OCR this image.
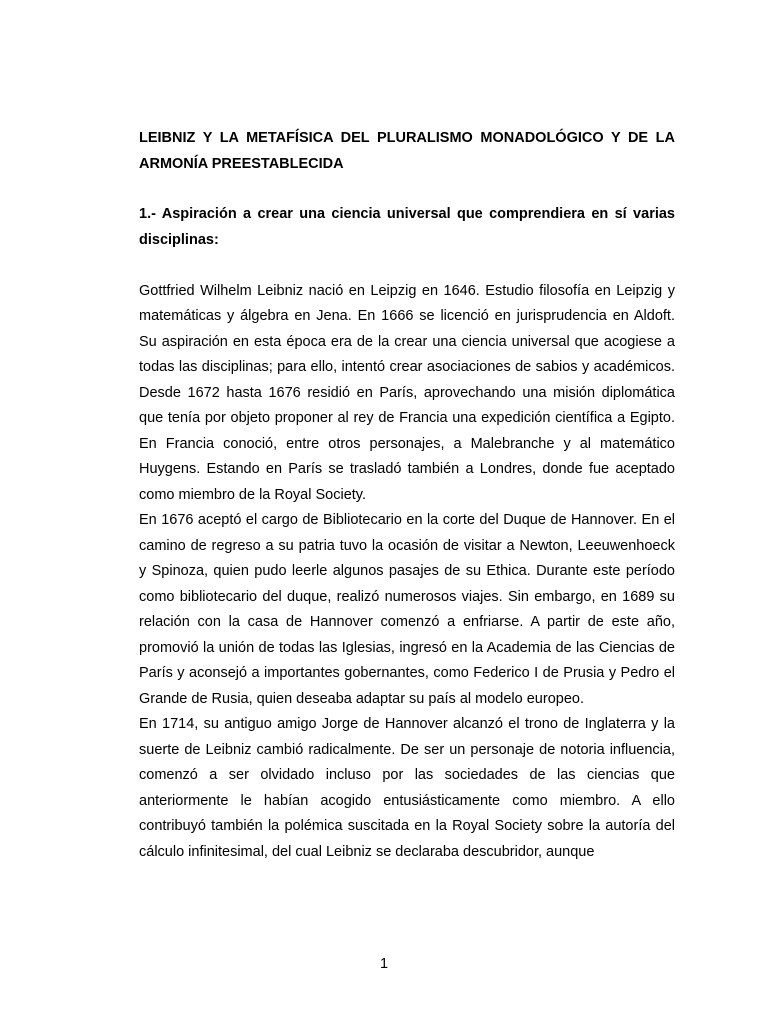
LEIBNIZ Y LA METAFÍSICA DEL PLURALISMO MONADOLÓGICO Y DE LA ARMONÍA PREESTABLECIDA
1.- Aspiración a crear una ciencia universal que comprendiera en sí varias disciplinas:

Gottfried Wilhelm Leibniz nació en Leipzig en 1646. Estudio filosofía en Leipzig y matemáticas y álgebra en Jena. En 1666 se licenció en jurisprudencia en Aldoft. Su aspiración en esta época era de la crear una ciencia universal que acogiese a todas las disciplinas; para ello, intentó crear asociaciones de sabios y académicos. Desde 1672 hasta 1676 residió en París, aprovechando una misión diplomática que tenía por objeto proponer al rey de Francia una expedición científica a Egipto. En Francia conoció, entre otros personajes, a Malebranche y al matemático Huygens. Estando en París se trasladó también a Londres, donde fue aceptado como miembro de la Royal Society.

En 1676 aceptó el cargo de Bibliotecario en la corte del Duque de Hannover. En el camino de regreso a su patria tuvo la ocasión de visitar a Newton, Leeuwenhoeck y Spinoza, quien pudo leerle algunos pasajes de su Ethica. Durante este período como bibliotecario del duque, realizó numerosos viajes. Sin embargo, en 1689 su relación con la casa de Hannover comenzó a enfriarse. A partir de este año, promovió la unión de todas las Iglesias, ingresó en la Academia de las Ciencias de París y aconsejó a importantes gobernantes, como Federico I de Prusia y Pedro el Grande de Rusia, quien deseaba adaptar su país al modelo europeo.

En 1714, su antiguo amigo Jorge de Hannover alcanzó el trono de Inglaterra y la suerte de Leibniz cambió radicalmente. De ser un personaje de notoria influencia, comenzó a ser olvidado incluso por las sociedades de las ciencias que anteriormente le habían acogido entusiásticamente como miembro. A ello contribuyó también la polémica suscitada en la Royal Society sobre la autoría del cálculo infinitesimal, del cual Leibniz se declaraba descubridor, aunque

1
